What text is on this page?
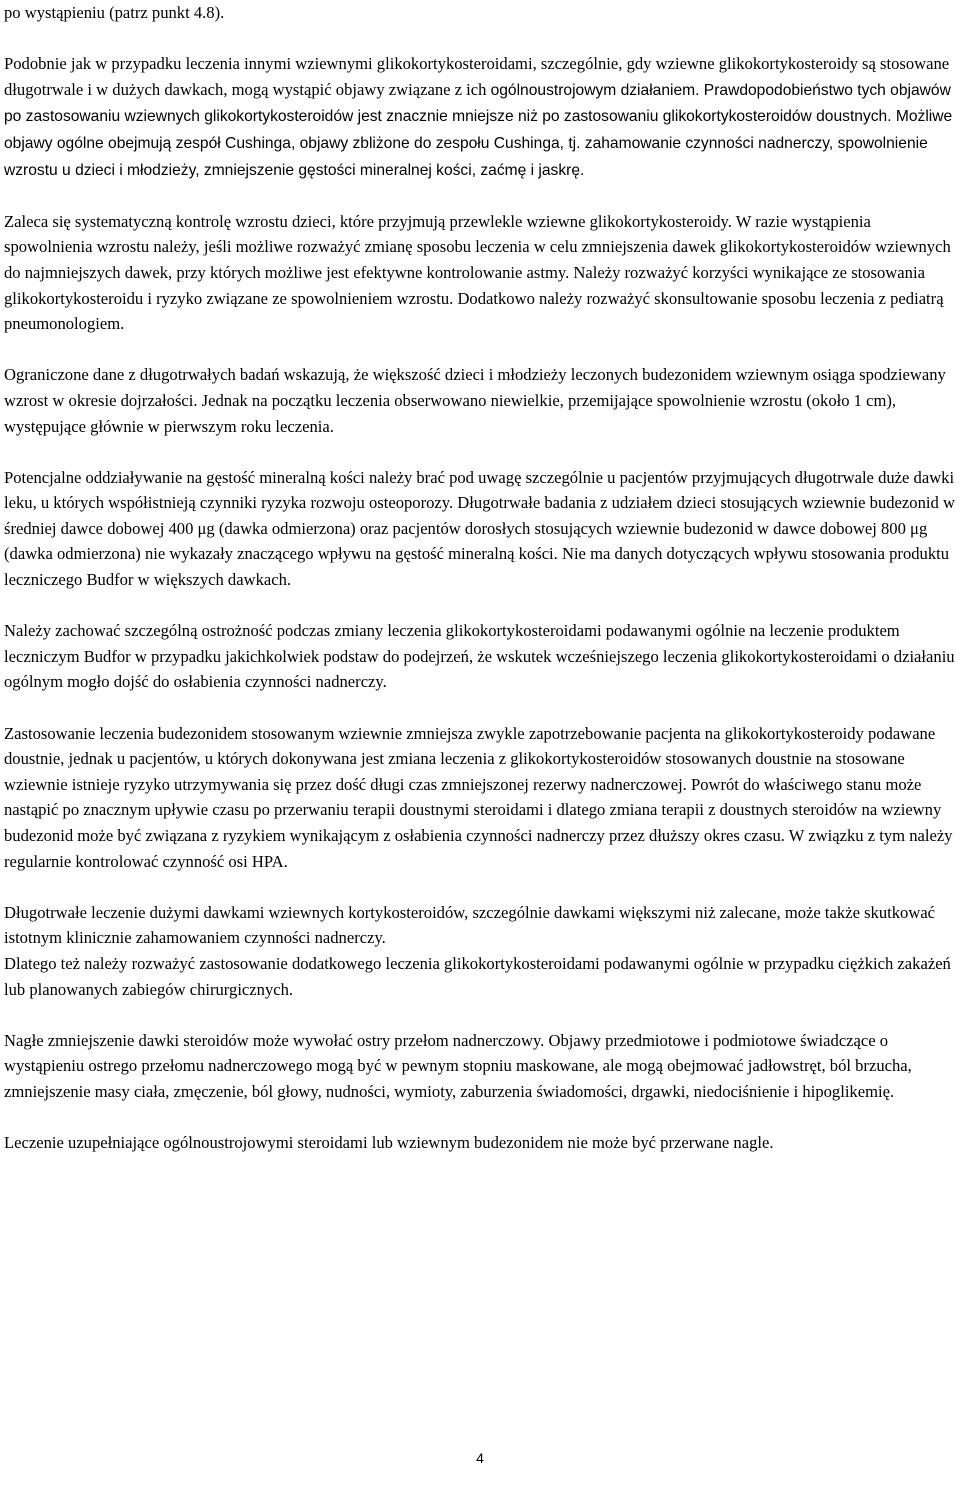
po wystąpieniu (patrz punkt 4.8).

Podobnie jak w przypadku leczenia innymi wziewnymi glikokortykosteroidami, szczególnie, gdy wziewne glikokortykosteroidy są stosowane długotrwale i w dużych dawkach, mogą wystąpić objawy związane z ich ogólnoustrojowym działaniem. Prawdopodobieństwo tych objawów po zastosowaniu wziewnych glikokortykosteroidów jest znacznie mniejsze niż po zastosowaniu glikokortykosteroidów doustnych. Możliwe objawy ogólne obejmują zespół Cushinga, objawy zbliżone do zespołu Cushinga, tj. zahamowanie czynności nadnerczy, spowolnienie wzrostu u dzieci i młodzieży, zmniejszenie gęstości mineralnej kości, zaćmę i jaskrę.

Zaleca się systematyczną kontrolę wzrostu dzieci, które przyjmują przewlekle wziewne glikokortykosteroidy. W razie wystąpienia spowolnienia wzrostu należy, jeśli możliwe rozważyć zmianę sposobu leczenia w celu zmniejszenia dawek glikokortykosteroidów wziewnych do najmniejszych dawek, przy których możliwe jest efektywne kontrolowanie astmy. Należy rozważyć korzyści wynikające ze stosowania glikokortykosteroidu i ryzyko związane ze spowolnieniem wzrostu. Dodatkowo należy rozważyć skonsultowanie sposobu leczenia z pediatrą pneumonologiem.

Ograniczone dane z długotrwałych badań wskazują, że większość dzieci i młodzieży leczonych budezonidem wziewnym osiąga spodziewany wzrost w okresie dojrzałości. Jednak na początku leczenia obserwowano niewielkie, przemijające spowolnienie wzrostu (około 1 cm), występujące głównie w pierwszym roku leczenia.

Potencjalne oddziaływanie na gęstość mineralną kości należy brać pod uwagę szczególnie u pacjentów przyjmujących długotrwale duże dawki leku, u których współistnieją czynniki ryzyka rozwoju osteoporozy. Długotrwałe badania z udziałem dzieci stosujących wziewnie budezonid w średniej dawce dobowej 400 μg (dawka odmierzona) oraz pacjentów dorosłych stosujących wziewnie budezonid w dawce dobowej 800 μg (dawka odmierzona) nie wykazały znaczącego wpływu na gęstość mineralną kości. Nie ma danych dotyczących wpływu stosowania produktu leczniczego Budfor w większych dawkach.

Należy zachować szczególną ostrożność podczas zmiany leczenia glikokortykosteroidami podawanymi ogólnie na leczenie produktem leczniczym Budfor w przypadku jakichkolwiek podstaw do podejrzeń, że wskutek wcześniejszego leczenia glikokortykosteroidami o działaniu ogólnym mogło dojść do osłabienia czynności nadnerczy.

Zastosowanie leczenia budezonidem stosowanym wziewnie zmniejsza zwykle zapotrzebowanie pacjenta na glikokortykosteroidy podawane doustnie, jednak u pacjentów, u których dokonywana jest zmiana leczenia z glikokortykosteroidów stosowanych doustnie na stosowane wziewnie istnieje ryzyko utrzymywania się przez dość długi czas zmniejszonej rezerwy nadnerczowej. Powrót do właściwego stanu może nastąpić po znacznym upływie czasu po przerwaniu terapii doustnymi steroidami i dlatego zmiana terapii z doustnych steroidów na wziewny budezonid może być związana z ryzykiem wynikającym z osłabienia czynności nadnerczy przez dłuższy okres czasu. W związku z tym należy regularnie kontrolować czynność osi HPA.

Długotrwałe leczenie dużymi dawkami wziewnych kortykosteroidów, szczególnie dawkami większymi niż zalecane, może także skutkować istotnym klinicznie zahamowaniem czynności nadnerczy.

Dlatego też należy rozważyć zastosowanie dodatkowego leczenia glikokortykosteroidami podawanymi ogólnie w przypadku ciężkich zakażeń lub planowanych zabiegów chirurgicznych.

Nagłe zmniejszenie dawki steroidów może wywołać ostry przełom nadnerczowy. Objawy przedmiotowe i podmiotowe świadczące o wystąpieniu ostrego przełomu nadnerczowego mogą być w pewnym stopniu maskowane, ale mogą obejmować jadłowstręt, ból brzucha, zmniejszenie masy ciała, zmęczenie, ból głowy, nudności, wymioty, zaburzenia świadomości, drgawki, niedociśnienie i hipoglikemię.

Leczenie uzupełniające ogólnoustrojowymi steroidami lub wziewnym budezonidem nie może być przerwane nagle.

4
